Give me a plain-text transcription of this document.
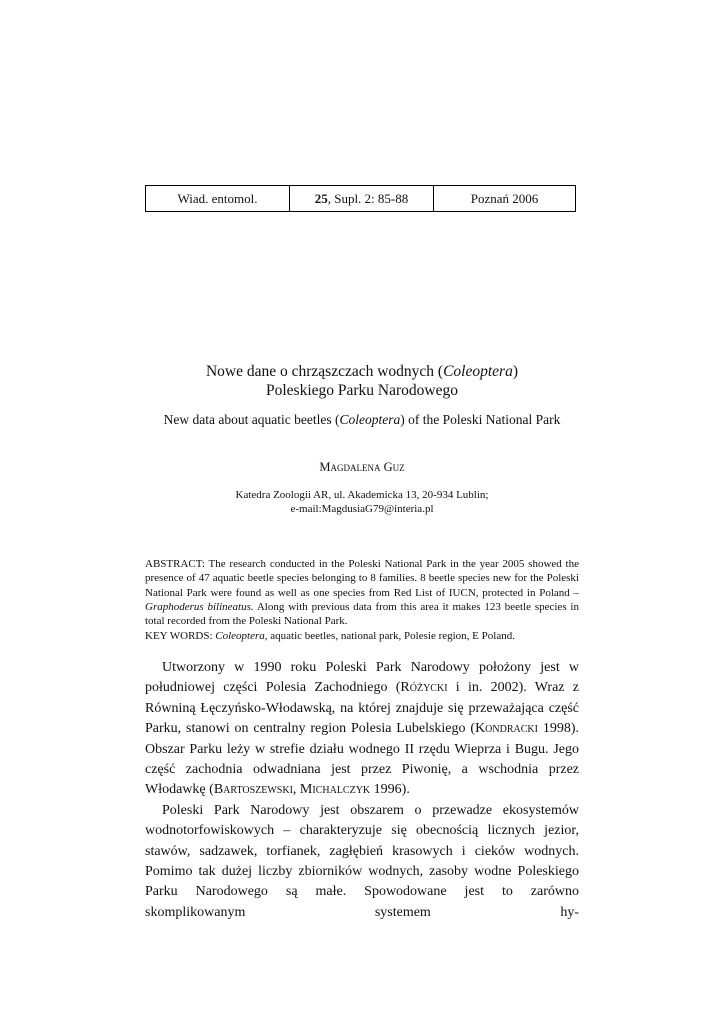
Wiad. entomol.	25, Supl. 2: 85-88	Poznań 2006
Nowe dane o chrząszczach wodnych (Coleoptera)
Poleskiego Parku Narodowego
New data about aquatic beetles (Coleoptera) of the Poleski National Park
Magdalena Guz
Katedra Zoologii AR, ul. Akademicka 13, 20-934 Lublin;
e-mail:MagdusiaG79@interia.pl

ABSTRACT: The research conducted in the Poleski National Park in the year 2005 showed the presence of 47 aquatic beetle species belonging to 8 families. 8 beetle species new for the Poleski National Park were found as well as one species from Red List of IUCN, protected in Poland – Graphoderus bilineatus. Along with previous data from this area it makes 123 beetle species in total recorded from the Poleski National Park.

KEY WORDS: Coleoptera, aquatic beetles, national park, Polesie region, E Poland.

Utworzony w 1990 roku Poleski Park Narodowy położony jest w południowej części Polesia Zachodniego (Różycki i in. 2002). Wraz z Równiną Łęczyńsko-Włodawską, na której znajduje się przeważająca część Parku, stanowi on centralny region Polesia Lubelskiego (Kondracki 1998). Obszar Parku leży w strefie działu wodnego II rzędu Wieprza i Bugu. Jego część zachodnia odwadniana jest przez Piwonię, a wschodnia przez Włodawkę (Bartoszewski, Michalczyk 1996).

Poleski Park Narodowy jest obszarem o przewadze ekosystemów wodnotorfowiskowych – charakteryzuje się obecnością licznych jezior, stawów, sadzawek, torfianek, zagłębień krasowych i cieków wodnych. Pomimo tak dużej liczby zbiorników wodnych, zasoby wodne Poleskiego Parku Narodowego są małe. Spowodowane jest to zarówno skomplikowanym systemem hy-
